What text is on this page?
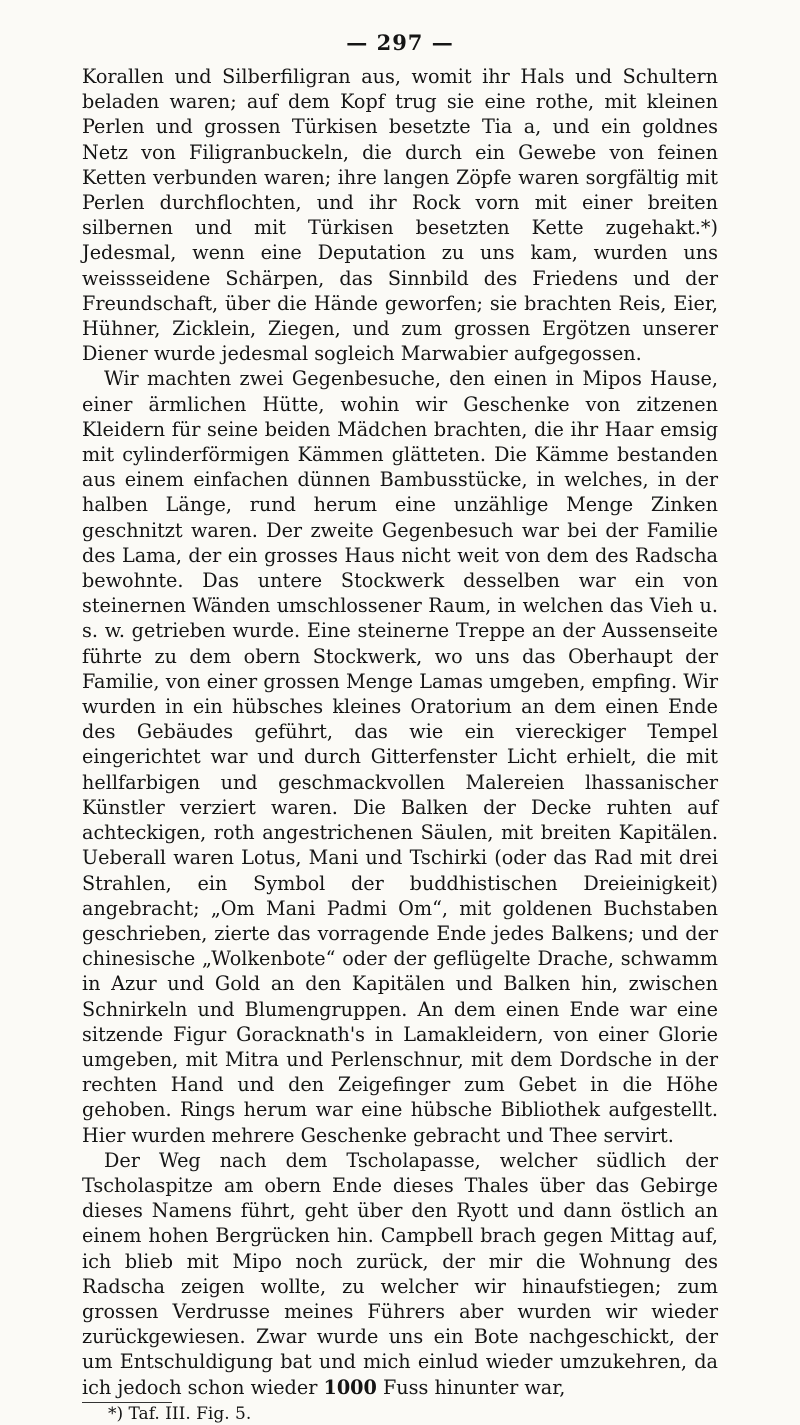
— 297 —

Korallen und Silberfiligran aus, womit ihr Hals und Schultern beladen waren; auf dem Kopf trug sie eine rothe, mit kleinen Perlen und grossen Türkisen besetzte Tia a, und ein goldnes Netz von Filigranbuckeln, die durch ein Gewebe von feinen Ketten verbunden waren; ihre langen Zöpfe waren sorgfältig mit Perlen durchflochten, und ihr Rock vorn mit einer breiten silbernen und mit Türkisen besetzten Kette zugehakt.*) Jedesmal, wenn eine Deputation zu uns kam, wurden uns weissseidene Schärpen, das Sinnbild des Friedens und der Freundschaft, über die Hände geworfen; sie brachten Reis, Eier, Hühner, Zicklein, Ziegen, und zum grossen Ergötzen unserer Diener wurde jedesmal sogleich Marwabier aufgegossen.

Wir machten zwei Gegenbesuche, den einen in Mipos Hause, einer ärmlichen Hütte, wohin wir Geschenke von zitzenen Kleidern für seine beiden Mädchen brachten, die ihr Haar emsig mit cylinderförmigen Kämmen glätteten. Die Kämme bestanden aus einem einfachen dünnen Bambusstücke, in welches, in der halben Länge, rund herum eine unzählige Menge Zinken geschnitzt waren. Der zweite Gegenbesuch war bei der Familie des Lama, der ein grosses Haus nicht weit von dem des Radscha bewohnte. Das untere Stockwerk desselben war ein von steinernen Wänden umschlossener Raum, in welchen das Vieh u. s. w. getrieben wurde. Eine steinerne Treppe an der Aussenseite führte zu dem obern Stockwerk, wo uns das Oberhaupt der Familie, von einer grossen Menge Lamas umgeben, empfing. Wir wurden in ein hübsches kleines Oratorium an dem einen Ende des Gebäudes geführt, das wie ein viereckiger Tempel eingerichtet war und durch Gitterfenster Licht erhielt, die mit hellfarbigen und geschmackvollen Malereien lhassanischer Künstler verziert waren. Die Balken der Decke ruhten auf achteckigen, roth angestrichenen Säulen, mit breiten Kapitälen. Ueberall waren Lotus, Mani und Tschirki (oder das Rad mit drei Strahlen, ein Symbol der buddhistischen Dreieinigkeit) angebracht; „Om Mani Padmi Om“, mit goldenen Buchstaben geschrieben, zierte das vorragende Ende jedes Balkens; und der chinesische „Wolkenbote“ oder der geflügelte Drache, schwamm in Azur und Gold an den Kapitälen und Balken hin, zwischen Schnirkeln und Blumengruppen. An dem einen Ende war eine sitzende Figur Goracknath's in Lamakleidern, von einer Glorie umgeben, mit Mitra und Perlenschnur, mit dem Dordsche in der rechten Hand und den Zeigefinger zum Gebet in die Höhe gehoben. Rings herum war eine hübsche Bibliothek aufgestellt. Hier wurden mehrere Geschenke gebracht und Thee servirt.

Der Weg nach dem Tscholapasse, welcher südlich der Tscholaspitze am obern Ende dieses Thales über das Gebirge dieses Namens führt, geht über den Ryott und dann östlich an einem hohen Bergrücken hin. Campbell brach gegen Mittag auf, ich blieb mit Mipo noch zurück, der mir die Wohnung des Radscha zeigen wollte, zu welcher wir hinaufstiegen; zum grossen Verdrusse meines Führers aber wurden wir wieder zurückgewiesen. Zwar wurde uns ein Bote nachgeschickt, der um Entschuldigung bat und mich einlud wieder umzukehren, da ich jedoch schon wieder 1000 Fuss hinunter war,

*) Taf. III. Fig. 5.
